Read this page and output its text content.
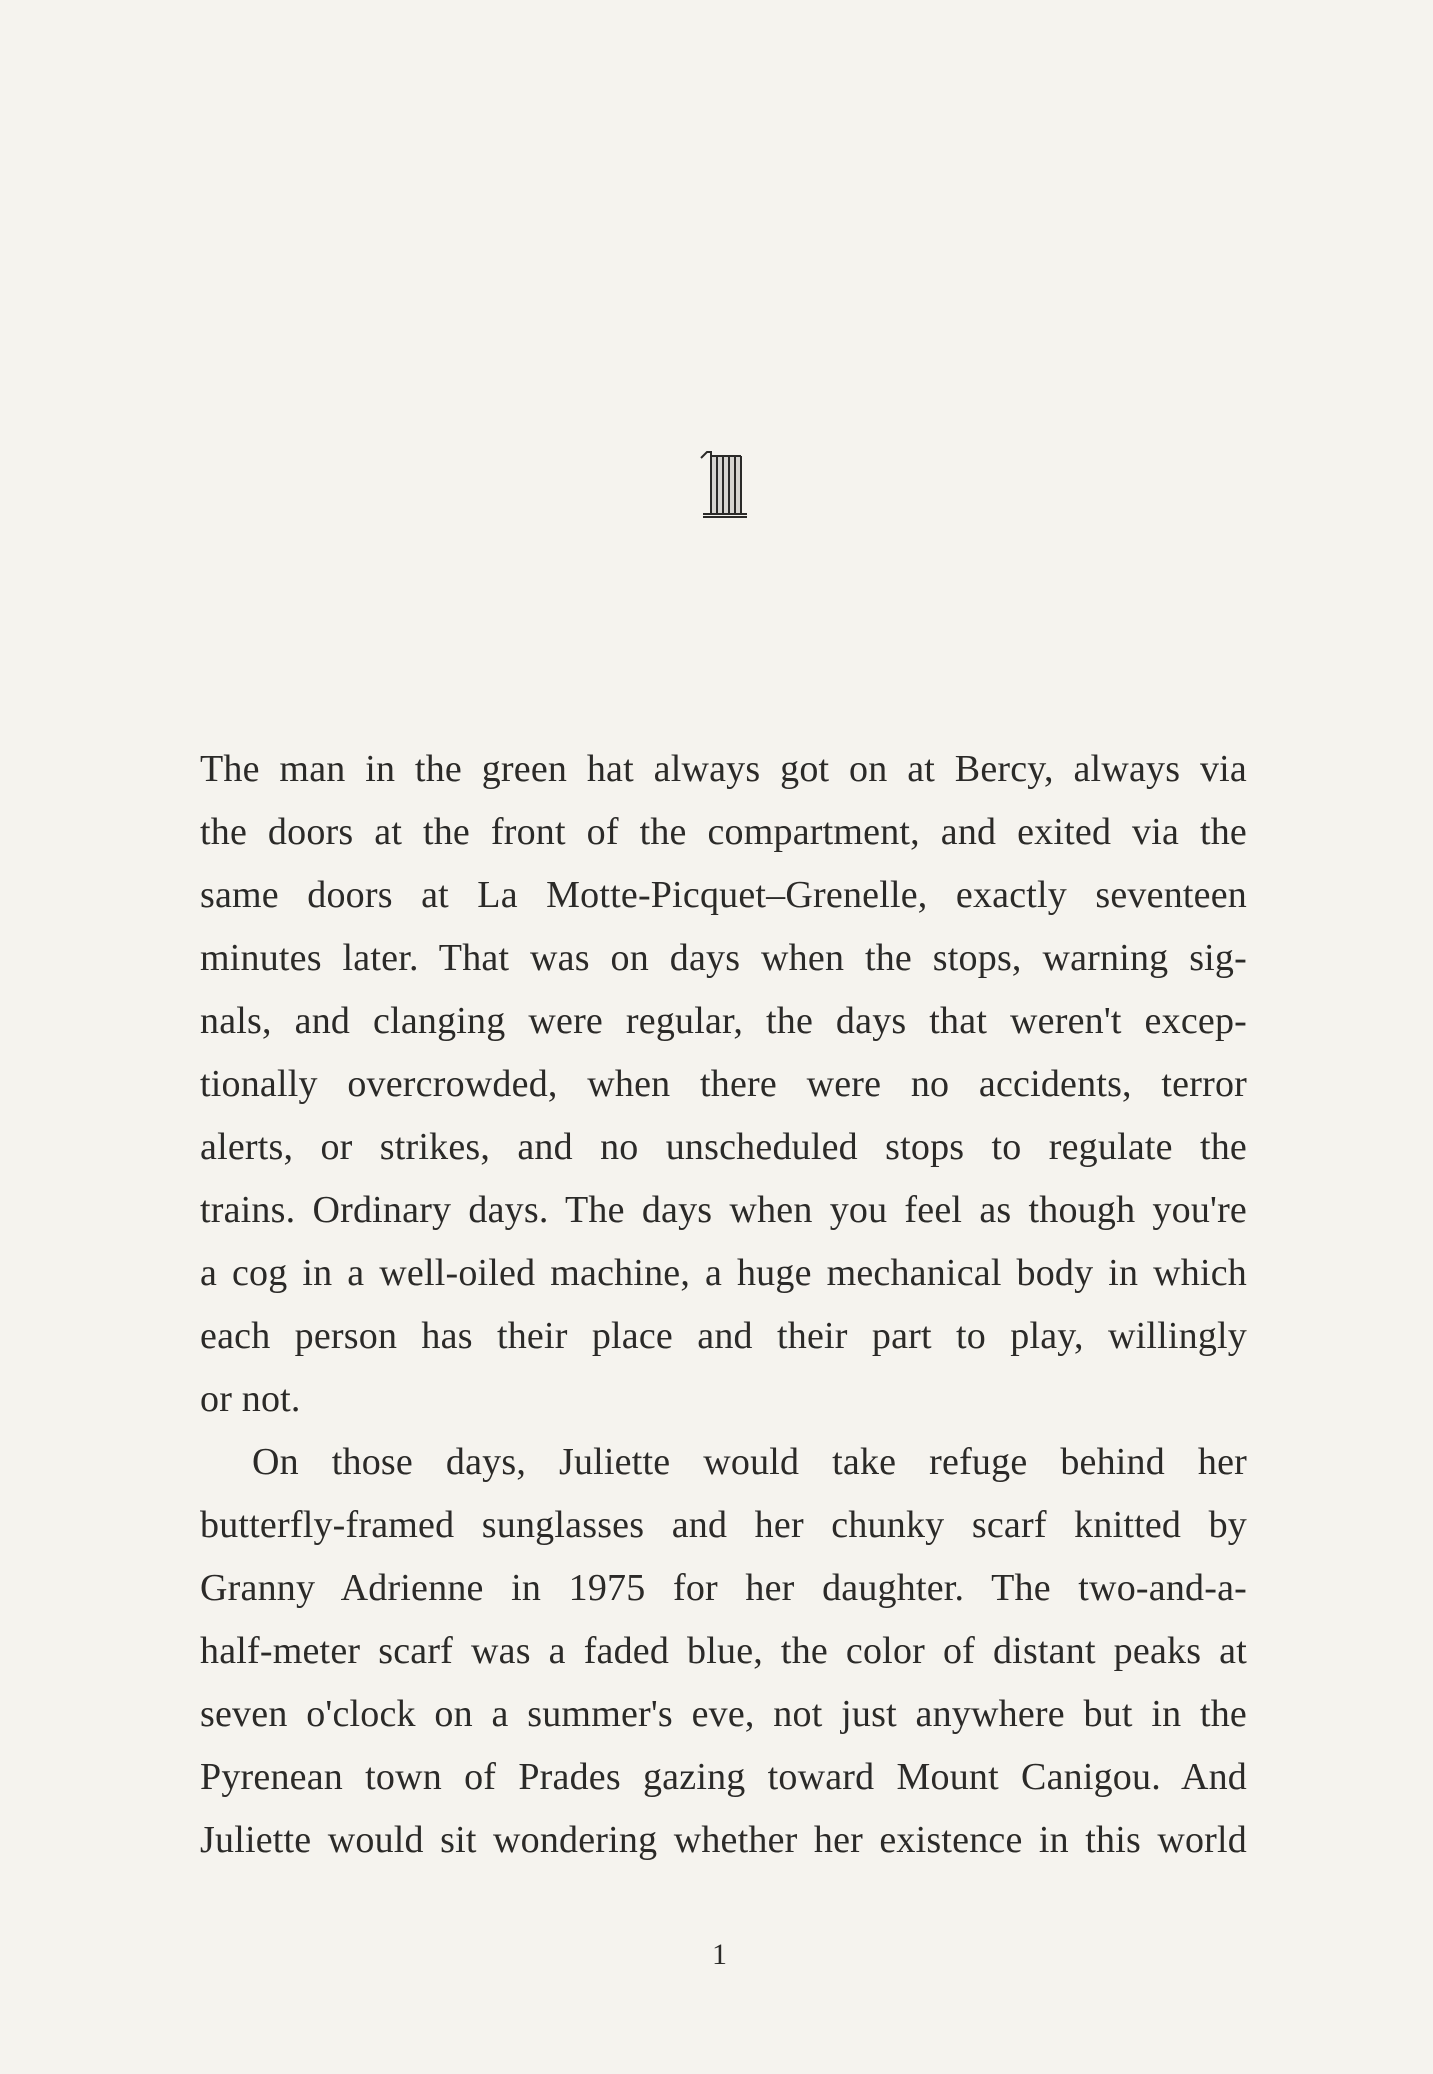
The man in the green hat always got on at Bercy, always via
the doors at the front of the compartment, and exited via the
same doors at La Motte-Picquet–Grenelle, exactly seventeen
minutes later. That was on days when the stops, warning sig-
nals, and clanging were regular, the days that weren't excep-
tionally overcrowded, when there were no accidents, terror
alerts, or strikes, and no unscheduled stops to regulate the
trains. Ordinary days. The days when you feel as though you're
a cog in a well-oiled machine, a huge mechanical body in which
each person has their place and their part to play, willingly
or not.
On those days, Juliette would take refuge behind her
butterfly-framed sunglasses and her chunky scarf knitted by
Granny Adrienne in 1975 for her daughter. The two-and-a-
half-meter scarf was a faded blue, the color of distant peaks at
seven o'clock on a summer's eve, not just anywhere but in the
Pyrenean town of Prades gazing toward Mount Canigou. And
Juliette would sit wondering whether her existence in this world
1
